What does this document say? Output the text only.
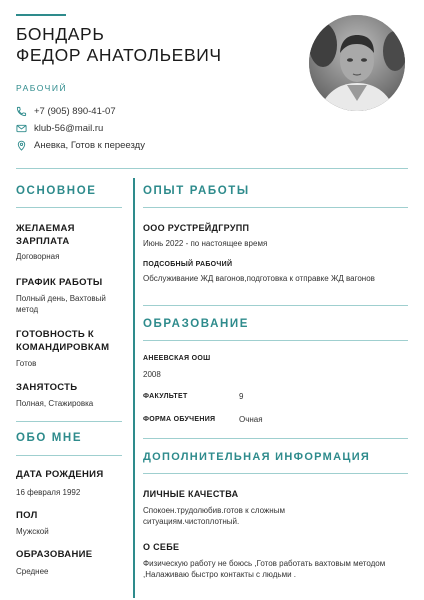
БОНДАРЬ
ФЕДОР АНАТОЛЬЕВИЧ
РАБОЧИЙ
+7 (905) 890-41-07
klub-56@mail.ru
Аневка, Готов к переезду
ОСНОВНОЕ
ЖЕЛАЕМАЯ ЗАРПЛАТА
Договорная
ГРАФИК РАБОТЫ
Полный день, Вахтовый метод
ГОТОВНОСТЬ К КОМАНДИРОВКАМ
Готов
ЗАНЯТОСТЬ
Полная, Стажировка
ОБО МНЕ
ДАТА РОЖДЕНИЯ
16 февраля 1992
ПОЛ
Мужской
ОБРАЗОВАНИЕ
Среднее
ОПЫТ РАБОТЫ
ООО РУСТРЕЙДГРУПП
Июнь 2022 - по настоящее время
ПОДСОБНЫЙ РАБОЧИЙ
Обслуживание ЖД вагонов,подготовка к отправке ЖД вагонов
ОБРАЗОВАНИЕ
АНЕЕВСКАЯ ООШ
2008
ФАКУЛЬТЕТ	9
ФОРМА ОБУЧЕНИЯ	Очная
ДОПОЛНИТЕЛЬНАЯ ИНФОРМАЦИЯ
ЛИЧНЫЕ КАЧЕСТВА
Спокоен.трудолюбив.готов к сложным ситуациям.чистоплотный.
О СЕБЕ
Физическую работу не боюсь ,Готов работать вахтовым методом ,Налаживаю быстро контакты с людьми .
